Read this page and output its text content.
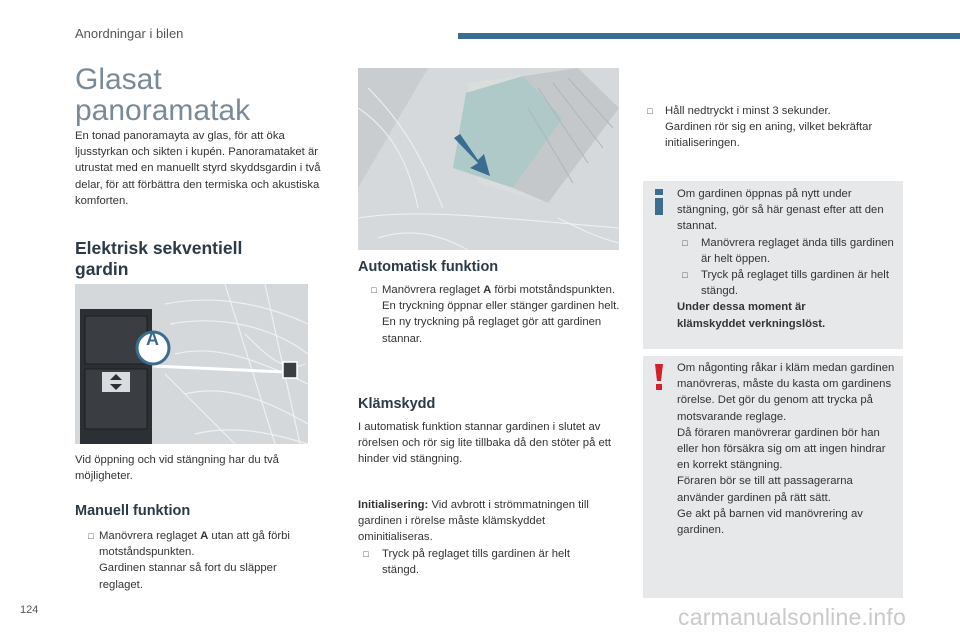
Anordningar i bilen
Glasat panoramatak

En tonad panoramayta av glas, för att öka ljusstyrkan och sikten i kupén. Panoramataket är utrustat med en manuellt styrd skyddsgardin i två delar, för att förbättra den termiska och akustiska komforten.

Elektrisk sekventiell gardin
A

Vid öppning och vid stängning har du två möjligheter.

Manuell funktion
□ Manövrera reglaget A utan att gå förbi motståndspunkten.
Gardinen stannar så fort du släpper reglaget.
Automatisk funktion
□ Manövrera reglaget A förbi motståndspunkten.
En tryckning öppnar eller stänger gardinen helt.
En ny tryckning på reglaget gör att gardinen stannar.
Klämskydd

I automatisk funktion stannar gardinen i slutet av rörelsen och rör sig lite tillbaka då den stöter på ett hinder vid stängning.

Initialisering: Vid avbrott i strömmatningen till gardinen i rörelse måste klämskyddet ominitialiseras.

□ Tryck på reglaget tills gardinen är helt stängd.
□ Håll nedtryckt i minst 3 sekunder.
Gardinen rör sig en aning, vilket bekräftar initialiseringen.

Om gardinen öppnas på nytt under stängning, gör så här genast efter att den stannat.

□ Manövrera reglaget ända tills gardinen är helt öppen.
□ Tryck på reglaget tills gardinen är helt stängd.

Under dessa moment är klämskyddet verkningslöst.

Om någonting råkar i kläm medan gardinen manövreras, måste du kasta om gardinens rörelse. Det gör du genom att trycka på motsvarande reglage.

Då föraren manövrerar gardinen bör han eller hon försäkra sig om att ingen hindrar en korrekt stängning.

Föraren bör se till att passagerarna använder gardinen på rätt sätt.

Ge akt på barnen vid manövrering av gardinen.

124	carmanualsonline.info
